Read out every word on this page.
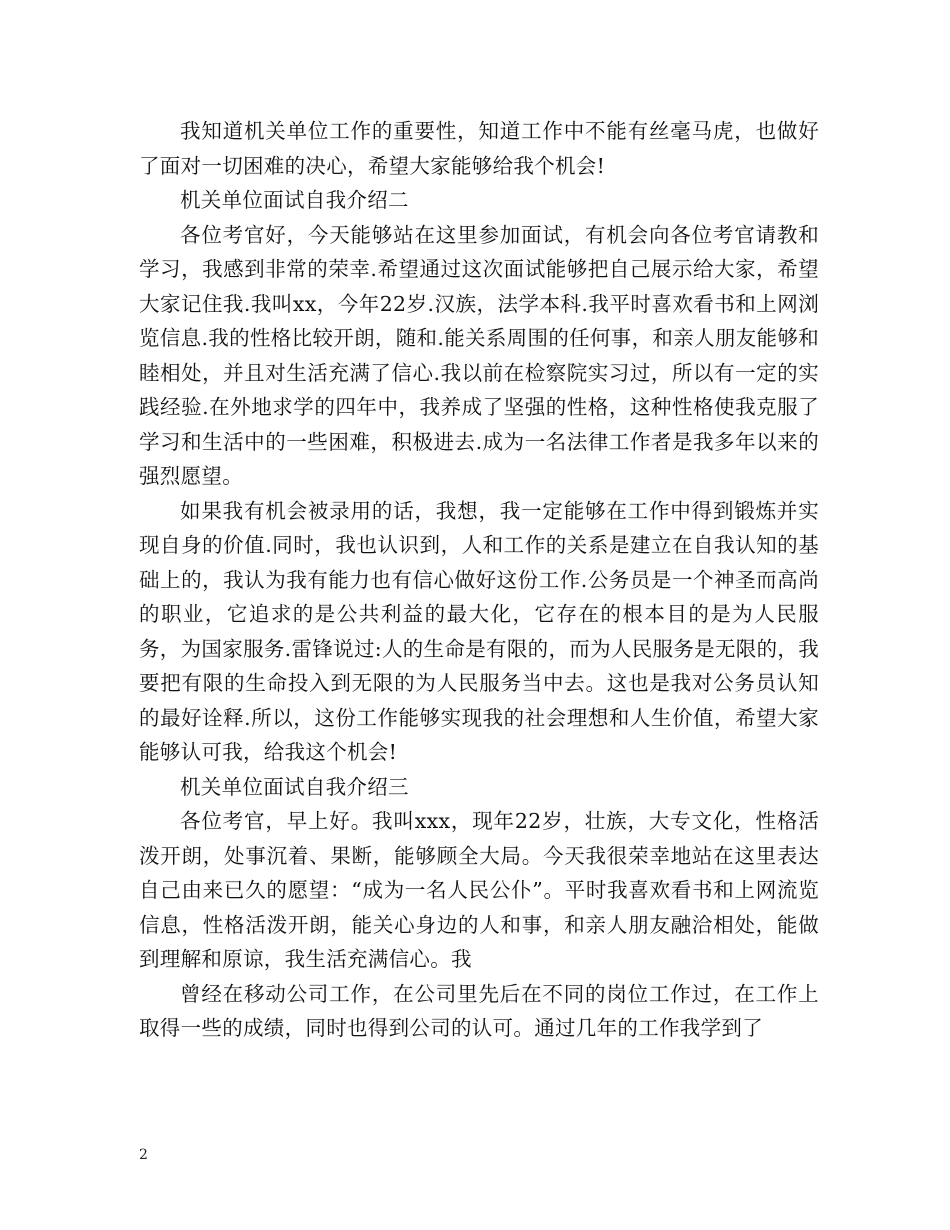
我知道机关单位工作的重要性，知道工作中不能有丝毫马虎，也做好了面对一切困难的决心，希望大家能够给我个机会!

机关单位面试自我介绍二

各位考官好，今天能够站在这里参加面试，有机会向各位考官请教和学习，我感到非常的荣幸.希望通过这次面试能够把自己展示给大家，希望大家记住我.我叫xx，今年22岁.汉族，法学本科.我平时喜欢看书和上网浏览信息.我的性格比较开朗，随和.能关系周围的任何事，和亲人朋友能够和睦相处，并且对生活充满了信心.我以前在检察院实习过，所以有一定的实践经验.在外地求学的四年中，我养成了坚强的性格，这种性格使我克服了学习和生活中的一些困难，积极进去.成为一名法律工作者是我多年以来的强烈愿望。

如果我有机会被录用的话，我想，我一定能够在工作中得到锻炼并实现自身的价值.同时，我也认识到，人和工作的关系是建立在自我认知的基础上的，我认为我有能力也有信心做好这份工作.公务员是一个神圣而高尚的职业，它追求的是公共利益的最大化，它存在的根本目的是为人民服务，为国家服务.雷锋说过:人的生命是有限的，而为人民服务是无限的，我要把有限的生命投入到无限的为人民服务当中去。这也是我对公务员认知的最好诠释.所以，这份工作能够实现我的社会理想和人生价值，希望大家能够认可我，给我这个机会!

机关单位面试自我介绍三

各位考官，早上好。我叫xxx，现年22岁，壮族，大专文化，性格活泼开朗，处事沉着、果断，能够顾全大局。今天我很荣幸地站在这里表达自己由来已久的愿望：“成为一名人民公仆”。平时我喜欢看书和上网流览信息，性格活泼开朗，能关心身边的人和事，和亲人朋友融洽相处，能做到理解和原谅，我生活充满信心。我

曾经在移动公司工作，在公司里先后在不同的岗位工作过，在工作上取得一些的成绩，同时也得到公司的认可。通过几年的工作我学到了

2
